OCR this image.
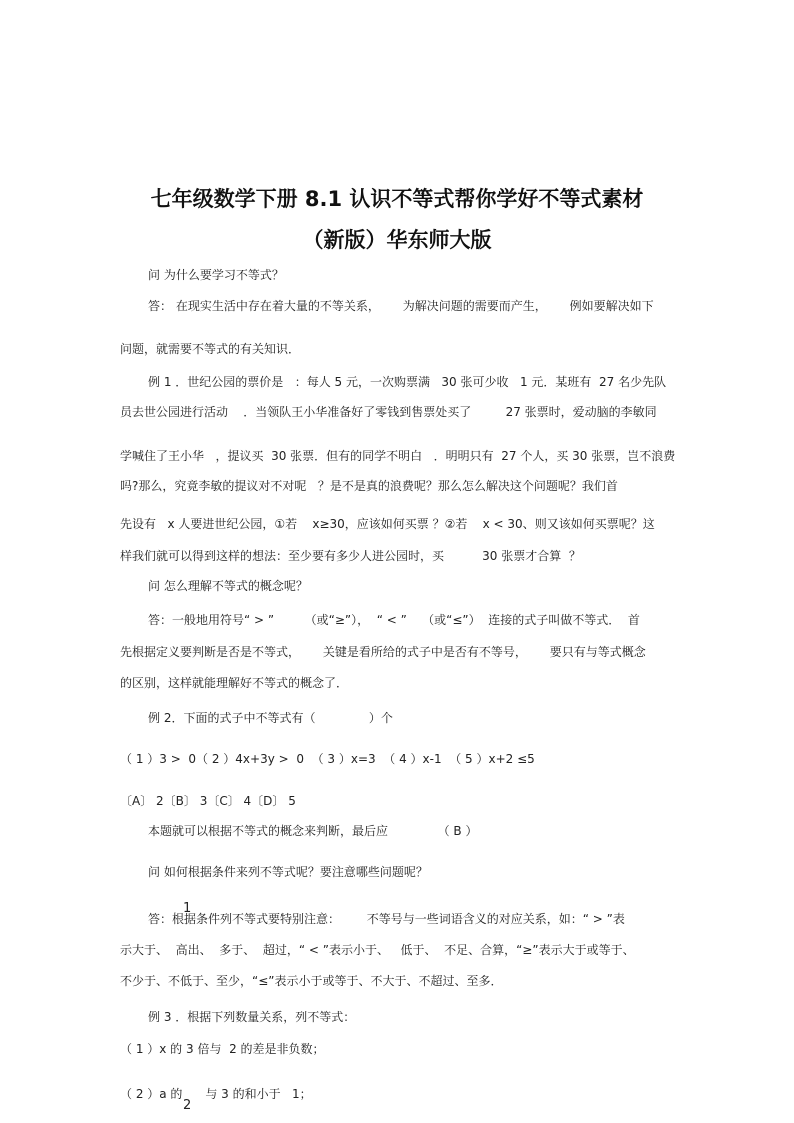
七年级数学下册 8.1 认识不等式帮你学好不等式素材
（新版）华东师大版
问 为什么要学习不等式？
答： 在现实生活中存在着大量的不等关系，      为解决问题的需要而产生，      例如要解决如下
问题，就需要不等式的有关知识．
例 1 ．世纪公园的票价是   ：每人 5 元，一次购票满   30 张可少收   1 元．某班有  27 名少先队
员去世公园进行活动    ．当领队王小华准备好了零钱到售票处买了         27 张票时，爱动脑的李敏同
学喊住了王小华   ，提议买  30 张票．但有的同学不明白   ．明明只有  27 个人，买 30 张票，岂不浪费
吗?那么，究竟李敏的提议对不对呢   ？是不是真的浪费呢？那么怎么解决这个问题呢？我们首
先设有   x 人要进世纪公园，①若    x≥30，应该如何买票 ？②若    x < 30、则又该如何买票呢？这
样我们就可以得到这样的想法：至少要有多少人进公园时，买          30 张票才合算  ？
问 怎么理解不等式的概念呢？
答：一般地用符号“ > ”        （或“≥”），  “ < ”    （或“≤”）  连接的式子叫做不等式．  首
先根据定义要判断是否是不等式，      关键是看所给的式子中是否有不等号，      要只有与等式概念
的区别，这样就能理解好不等式的概念了．
例 2．下面的式子中不等式有（              ）个
（ 1 ）3 >  0（ 2 ）4x+3y >  0  （ 3 ）x=3  （ 4 ）x-1  （ 5 ）x+2 ≤5
〔A〕 2〔B〕 3〔C〕 4〔D〕 5
本题就可以根据不等式的概念来判断，最后应             （ B ）
问 如何根据条件来列不等式呢？要注意哪些问题呢？
答：根据条件列不等式要特别注意：       不等号与一些词语含义的对应关系，如：“ > ”表
示大于、  高出、  多于、  超过，“ < ”表示小于、   低于、  不足、合算，“≥”表示大于或等于、
不少于、不低于、至少，“≤”表示小于或等于、不大于、不超过、至多．
例 3 ．根据下列数量关系，列不等式：
（ 1 ）x 的 3 倍与  2 的差是非负数；
（ 2 ）a 的      与 3 的和小于   1；
1
2
